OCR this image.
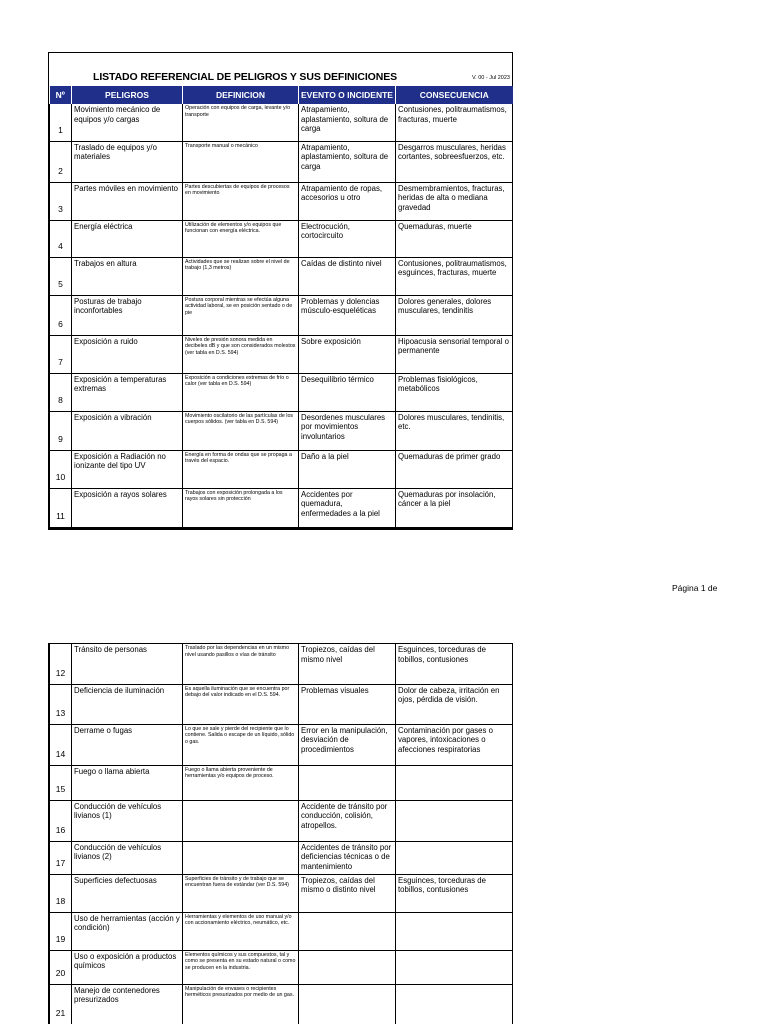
LISTADO REFERENCIAL DE PELIGROS Y SUS DEFINICIONES	V. 00 - Jul 2023
Nº	PELIGROS	DEFINICION	EVENTO O INCIDENTE	CONSECUENCIA
1	Movimiento mecánico de equipos y/o cargas	Operación con equipos de carga, levante y/o transporte	Atrapamiento, aplastamiento, soltura de carga	Contusiones, politraumatismos, fracturas, muerte
2	Traslado de equipos y/o materiales	Transporte manual o mecánico	Atrapamiento, aplastamiento, soltura de carga	Desgarros musculares, heridas cortantes, sobreesfuerzos, etc.
3	Partes móviles en movimiento	Partes descubiertas de equipos de procesos en movimiento	Atrapamiento de ropas, accesorios u otro	Desmembramientos, fracturas, heridas de alta o mediana gravedad
4	Energía eléctrica	Utilización de elementos y/o equipos que funcionan con energía eléctrica.	Electrocución, cortocircuito	Quemaduras, muerte
5	Trabajos en altura	Actividades que se realizan sobre el nivel de trabajo (1,3 metros)	Caídas de distinto nivel	Contusiones, politraumatismos, esguinces, fracturas, muerte
6	Posturas de trabajo inconfortables	Postura corporal mientras se efectúa alguna actividad laboral, se en posición sentado o de pie	Problemas y dolencias músculo-esqueléticas	Dolores generales, dolores musculares, tendinitis
7	Exposición a ruido	Niveles de presión sonora medida en decibeles dB y que son considerados molestos (ver tabla en D.S. 594)	Sobre exposición	Hipoacusia sensorial temporal o permanente
8	Exposición a temperaturas extremas	Exposición a condiciones extremas de frío o calor (ver tabla en D.S. 594)	Desequilibrio térmico	Problemas fisiológicos, metabólicos
9	Exposición a vibración	Movimiento oscilatorio de las partículas de los cuerpos sólidos. (ver tabla en D.S. 594)	Desordenes musculares por movimientos involuntarios	Dolores musculares, tendinitis, etc.
10	Exposición a Radiación no ionizante del tipo UV	Energía en forma de ondas que se propaga a través del espacio.	Daño a la piel	Quemaduras de primer grado
11	Exposición a rayos solares	Trabajos con exposición prolongada a los rayos solares sin protección	Accidentes por quemadura, enfermedades a la piel	Quemaduras por insolación, cáncer a la piel
Página 1 de
12	Tránsito de personas	Traslado por las dependencias en un mismo nivel usando pasillos o vías de tránsito	Tropiezos, caídas del mismo nivel	Esguinces, torceduras de tobillos, contusiones
13	Deficiencia de iluminación	Es aquella iluminación que se encuentra por debajo del valor indicado en el D.S. 594.	Problemas visuales	Dolor de cabeza, irritación en ojos, pérdida de visión.
14	Derrame o fugas	Lo que se sale y pierde del recipiente que lo contiene. Salida o escape de un líquido, sólido o gas.	Error en la manipulación, desviación de procedimientos	Contaminación por gases o vapores, intoxicaciones o afecciones respiratorias
15	Fuego o llama abierta	Fuego o llama abierta proveniente de herramientas y/o equipos de proceso.		
16	Conducción de vehículos livianos (1)		Accidente de tránsito por conducción, colisión, atropellos.	
17	Conducción de vehículos livianos (2)		Accidentes de tránsito por deficiencias técnicas o de mantenimiento	
18	Superficies defectuosas	Superficies de tránsito y de trabajo que se encuentran fuera de estándar (ver D.S. 594)	Tropiezos, caídas del mismo o distinto nivel	Esguinces, torceduras de tobillos, contusiones
19	Uso de herramientas (acción y condición)	Herramientas y elementos de uso manual y/o con accionamiento eléctrico, neumático, etc.		
20	Uso o exposición a productos químicos	Elementos químicos y sus compuestos, tal y como se presenta en su estado natural o como se producen en la industria.		
21	Manejo de contenedores presurizados	Manipulación de envases o recipientes herméticos presurizados por medio de un gas.		
